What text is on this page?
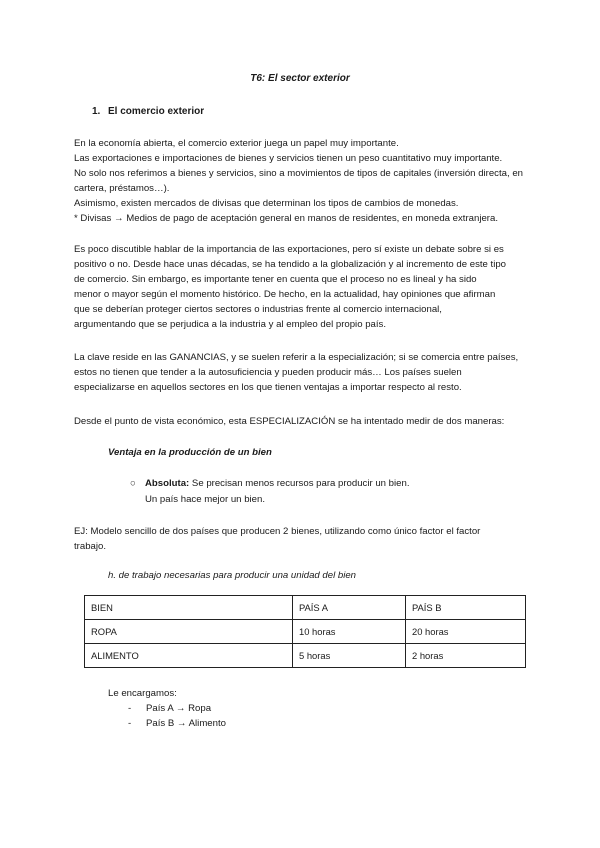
T6: El sector exterior
1. El comercio exterior
En la economía abierta, el comercio exterior juega un papel muy importante.
Las exportaciones e importaciones de bienes y servicios tienen un peso cuantitativo muy importante.
No solo nos referimos a bienes y servicios, sino a movimientos de tipos de capitales (inversión directa, en
cartera, préstamos…).
Asimismo, existen mercados de divisas que determinan los tipos de cambios de monedas.
* Divisas → Medios de pago de aceptación general en manos de residentes, en moneda extranjera.
Es poco discutible hablar de la importancia de las exportaciones, pero sí existe un debate sobre si es
positivo o no. Desde hace unas décadas, se ha tendido a la globalización y al incremento de este tipo
de comercio. Sin embargo, es importante tener en cuenta que el proceso no es lineal y ha sido
menor o mayor según el momento histórico. De hecho, en la actualidad, hay opiniones que afirman
que se deberían proteger ciertos sectores o industrias frente al comercio internacional,
argumentando que se perjudica a la industria y al empleo del propio país.
La clave reside en las GANANCIAS, y se suelen referir a la especialización; si se comercia entre países,
estos no tienen que tender a la autosuficiencia y pueden producir más… Los países suelen
especializarse en aquellos sectores en los que tienen ventajas a importar respecto al resto.
Desde el punto de vista económico, esta ESPECIALIZACIÓN se ha intentado medir de dos maneras:
Ventaja en la producción de un bien
○ Absoluta: Se precisan menos recursos para producir un bien.
Un país hace mejor un bien.
EJ: Modelo sencillo de dos países que producen 2 bienes, utilizando como único factor el factor
trabajo.
h. de trabajo necesarias para producir una unidad del bien
BIEN	PAÍS A	PAÍS B
ROPA	10 horas	20 horas
ALIMENTO	5 horas	2 horas
Le encargamos:
- País A → Ropa
- País B → Alimento
